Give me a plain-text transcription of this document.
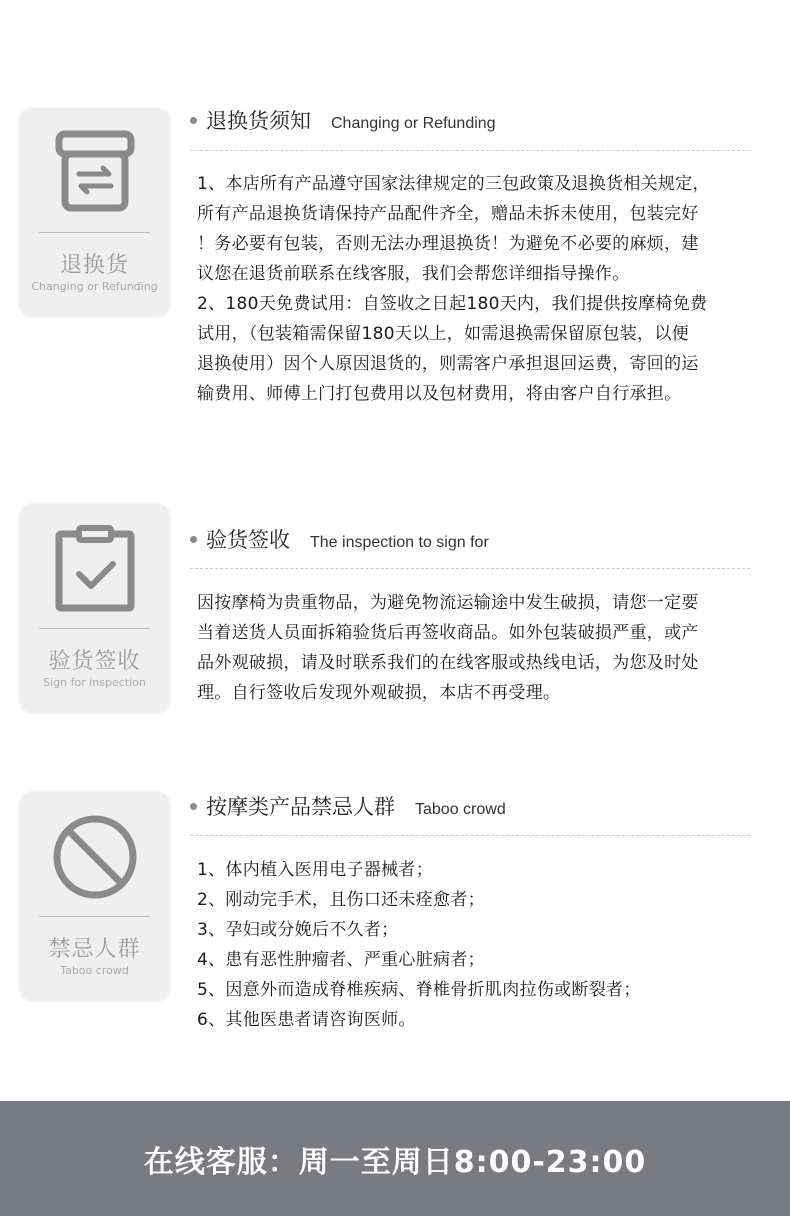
退换货
Changing or Refunding
退换货须知 Changing or Refunding

1、本店所有产品遵守国家法律规定的三包政策及退换货相关规定，

所有产品退换货请保持产品配件齐全，赠品未拆未使用，包装完好

！务必要有包装，否则无法办理退换货！为避免不必要的麻烦，建

议您在退货前联系在线客服，我们会帮您详细指导操作。

2、180天免费试用：自签收之日起180天内，我们提供按摩椅免费

试用，（包装箱需保留180天以上，如需退换需保留原包装，以便

退换使用）因个人原因退货的，则需客户承担退回运费，寄回的运

输费用、师傅上门打包费用以及包材费用，将由客户自行承担。

验货签收
Sign for inspection
验货签收 The inspection to sign for

因按摩椅为贵重物品，为避免物流运输途中发生破损，请您一定要

当着送货人员面拆箱验货后再签收商品。如外包装破损严重，或产

品外观破损，请及时联系我们的在线客服或热线电话，为您及时处

理。自行签收后发现外观破损，本店不再受理。

禁忌人群
Taboo crowd
按摩类产品禁忌人群 Taboo crowd

1、体内植入医用电子器械者；

2、刚动完手术，且伤口还未痊愈者；

3、孕妇或分娩后不久者；

4、患有恶性肿瘤者、严重心脏病者；

5、因意外而造成脊椎疾病、脊椎骨折肌肉拉伤或断裂者；

6、其他医患者请咨询医师。

在线客服：周一至周日8:00-23:00
